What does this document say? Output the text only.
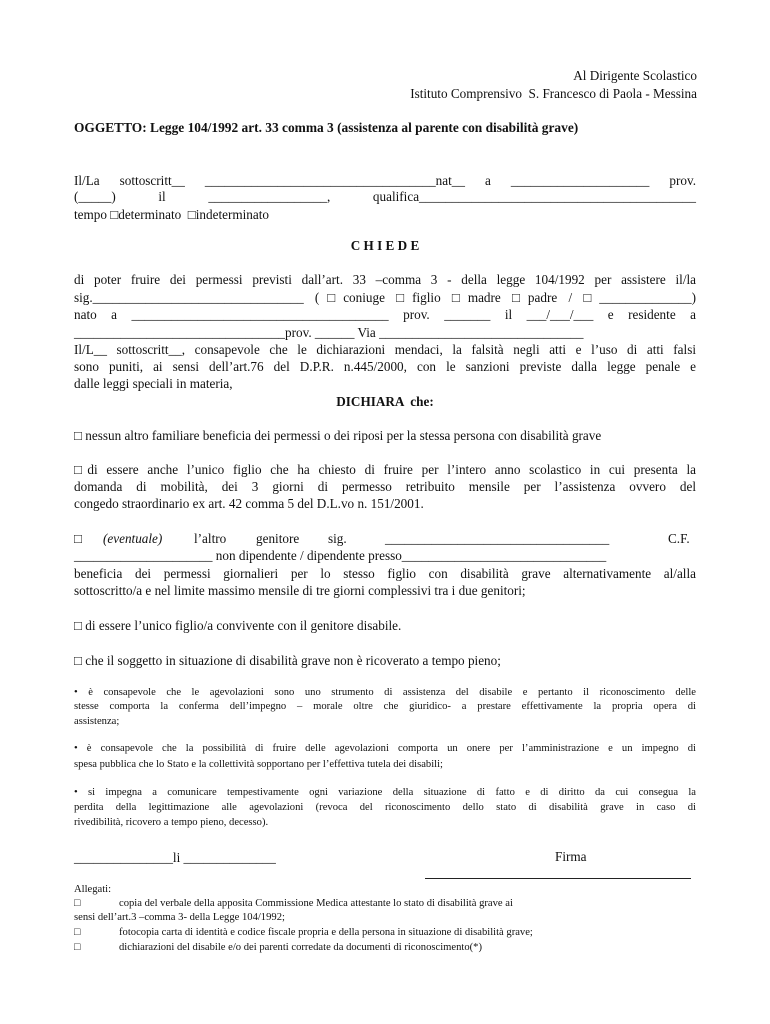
Al Dirigente Scolastico
Istituto Comprensivo  S. Francesco di Paola - Messina
OGGETTO: Legge 104/1992 art. 33 comma 3 (assistenza al parente con disabilità grave)
Il/La sottoscritt__ ___________________________________nat__ a _____________________ prov.
(_____) il __________________, qualifica__________________________________________
tempo □determinato  □indeterminato
C H I E D E
di poter fruire dei permessi previsti dall’art. 33 –comma 3 - della legge 104/1992 per assistere il/la
sig.________________________________ (□coniuge □figlio □madre □padre / □______________)
nato a _______________________________________ prov. _______ il ___/___/___ e residente a
________________________________prov. ______ Via _______________________________
Il/L__ sottoscritt__, consapevole che le dichiarazioni mendaci, la falsità negli atti e l’uso di atti falsi
sono puniti, ai sensi dell’art.76 del D.P.R. n.445/2000, con le sanzioni previste dalla legge penale e
dalle leggi speciali in materia,
DICHIARA  che:
□ nessun altro familiare beneficia dei permessi o dei riposi per la stessa persona con disabilità grave
□di essere anche l’unico figlio che ha chiesto di fruire per l’intero anno scolastico in cui presenta la
domanda di mobilità, dei 3 giorni di permesso retribuito mensile per l’assistenza ovvero del
congedo straordinario ex art. 42 comma 5 del D.L.vo n. 151/2001.
□ (eventuale) l’altro genitore sig.	__________________________________	C.F.
_____________________ non dipendente / dipendente presso_______________________________
beneficia dei permessi giornalieri per lo stesso figlio con disabilità grave alternativamente al/alla
sottoscritto/a e nel limite massimo mensile di tre giorni complessivi tra i due genitori;
□ di essere l’unico figlio/a convivente con il genitore disabile.
□ che il soggetto in situazione di disabilità grave non è ricoverato a tempo pieno;
• è consapevole che le agevolazioni sono uno strumento di assistenza del disabile e pertanto il riconoscimento delle
stesse comporta la conferma dell’impegno – morale oltre che giuridico- a prestare effettivamente la propria opera di
assistenza;
• è consapevole che la possibilità di fruire delle agevolazioni comporta un onere per l’amministrazione e un impegno di
spesa pubblica che lo Stato e la collettività sopportano per l’effettiva tutela dei disabili;
• si impegna a comunicare tempestivamente ogni variazione della situazione di fatto e di diritto da cui consegua la
perdita della legittimazione alle agevolazioni (revoca del riconoscimento dello stato di disabilità grave in caso di
rivedibilità, ricovero a tempo pieno, decesso).
_______________li ______________	Firma
Allegati:
□	copia del verbale della apposita Commissione Medica attestante lo stato di disabilità grave ai
sensi dell’art.3 –comma 3- della Legge 104/1992;
□	fotocopia carta di identità e codice fiscale propria e della persona in situazione di disabilità grave;
□	dichiarazioni del disabile e/o dei parenti corredate da documenti di riconoscimento(*)
